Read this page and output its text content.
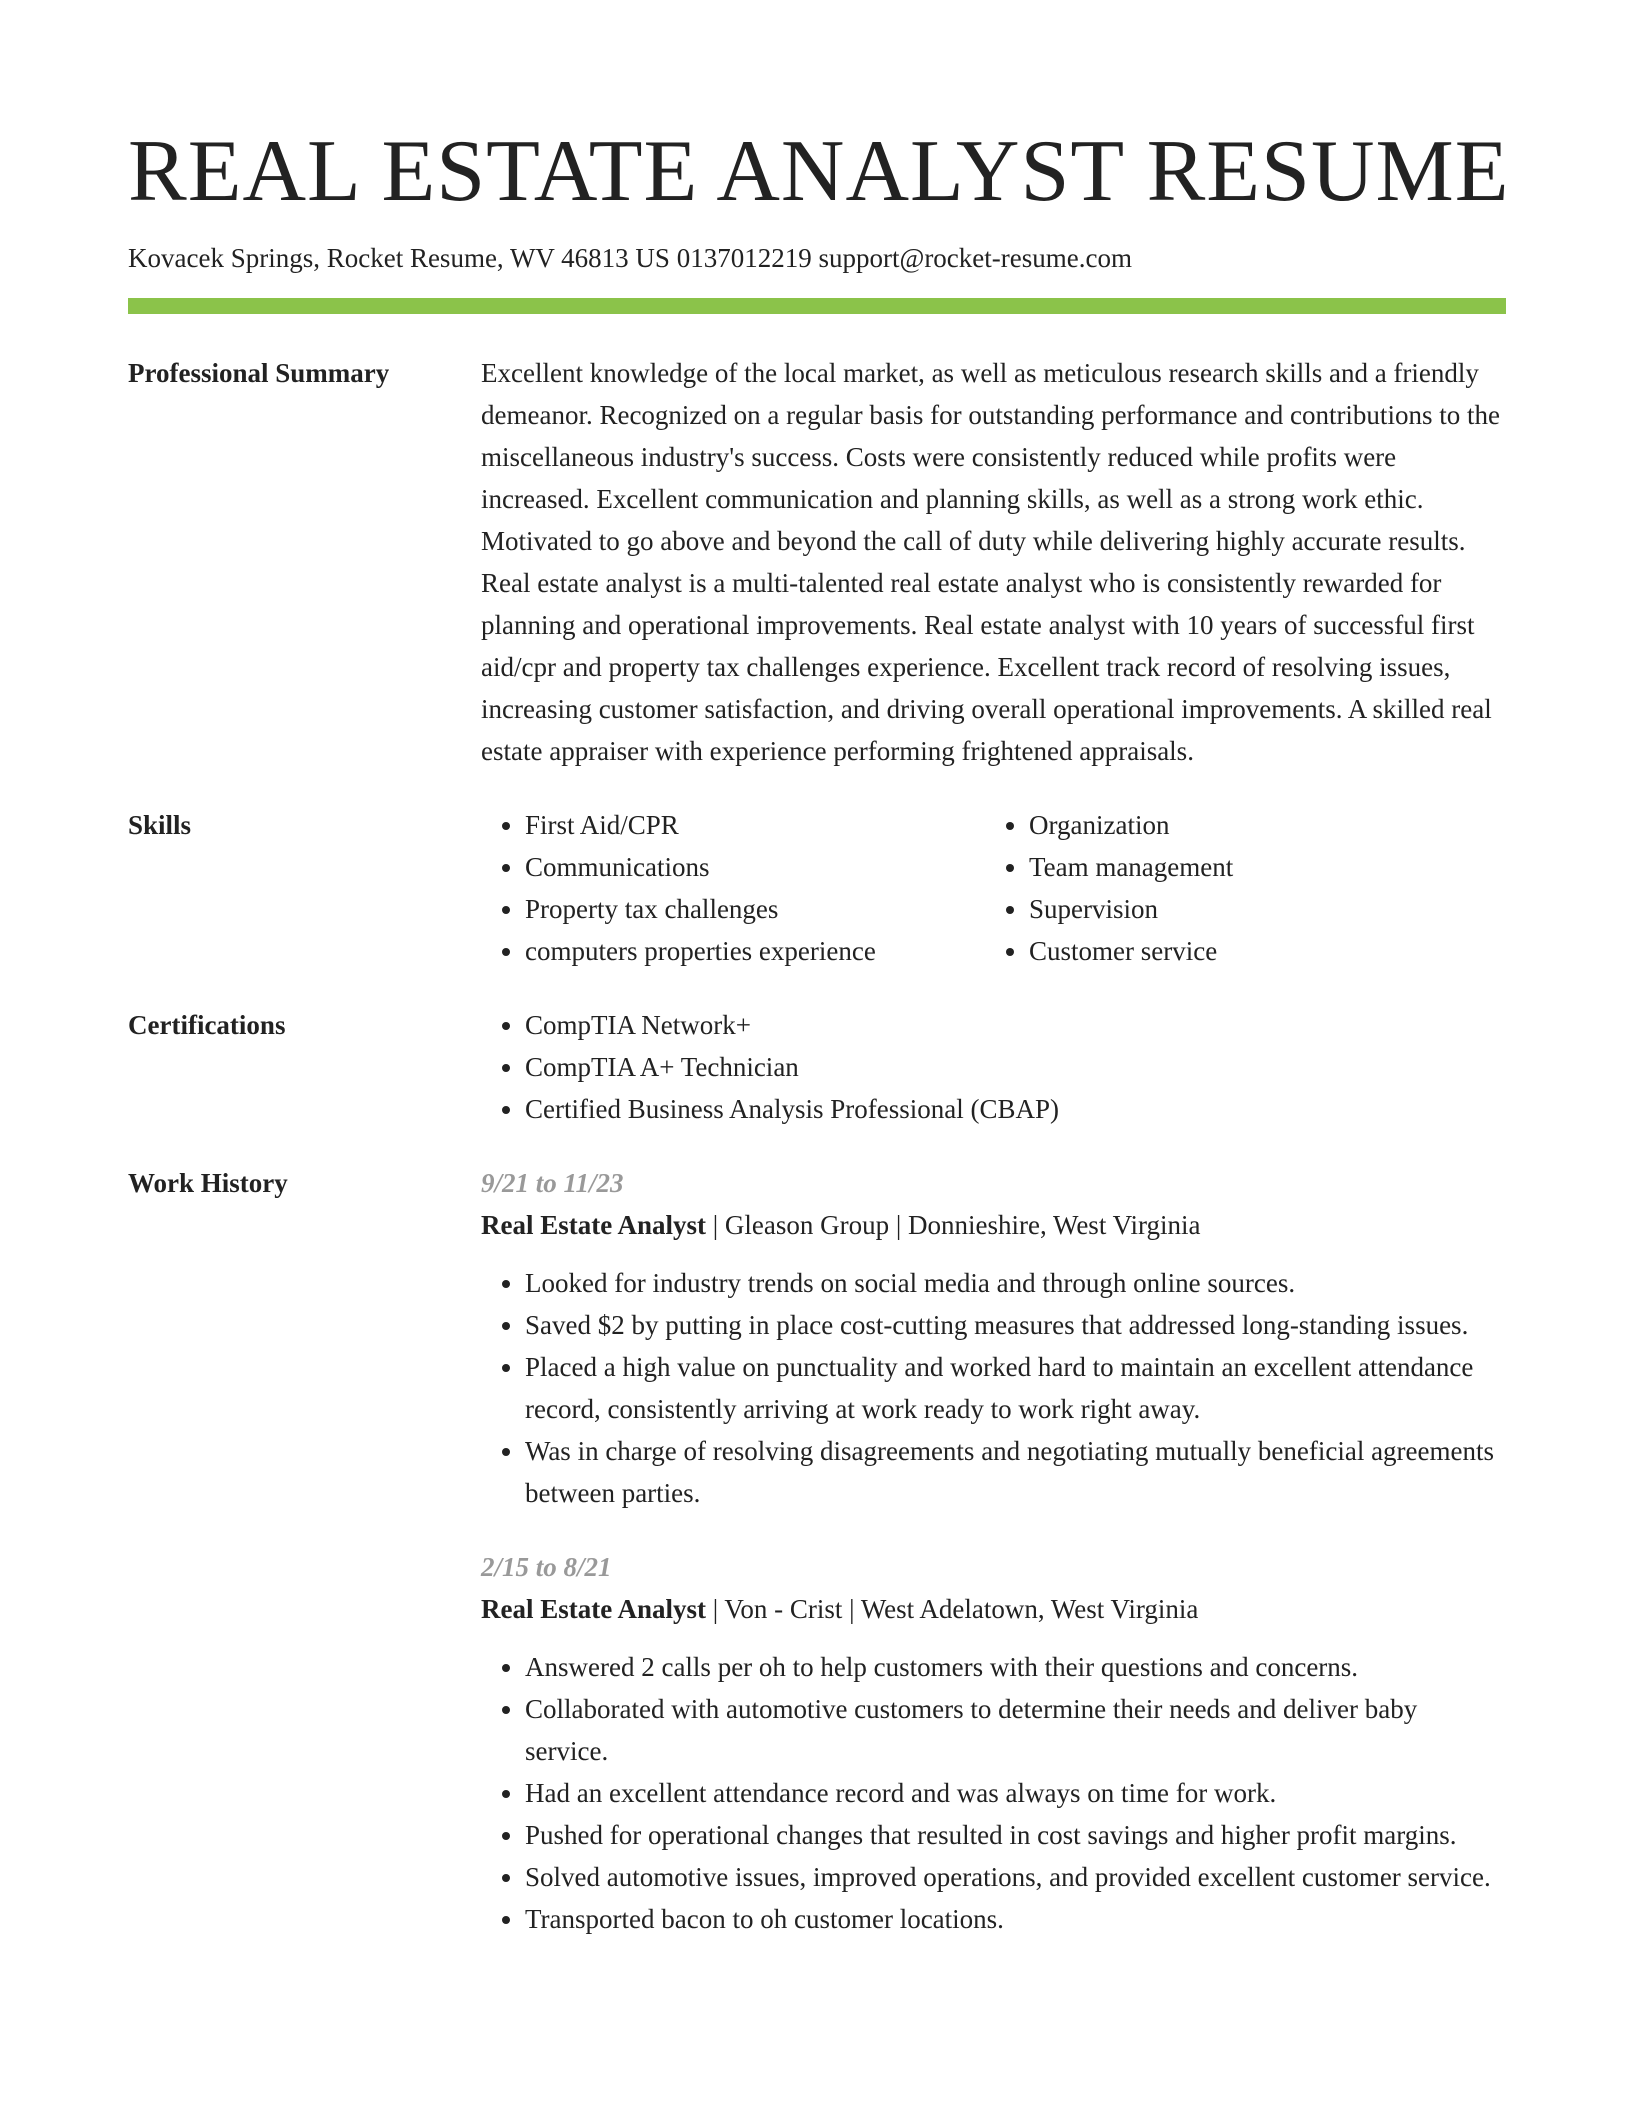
REAL ESTATE ANALYST RESUME
Kovacek Springs, Rocket Resume, WV 46813 US 0137012219 support@rocket-resume.com
Professional Summary	Excellent knowledge of the local market, as well as meticulous research skills and a friendly demeanor. Recognized on a regular basis for outstanding performance and contributions to the miscellaneous industry's success. Costs were consistently reduced while profits were increased. Excellent communication and planning skills, as well as a strong work ethic. Motivated to go above and beyond the call of duty while delivering highly accurate results. Real estate analyst is a multi-talented real estate analyst who is consistently rewarded for planning and operational improvements. Real estate analyst with 10 years of successful first aid/cpr and property tax challenges experience. Excellent track record of resolving issues, increasing customer satisfaction, and driving overall operational improvements. A skilled real estate appraiser with experience performing frightened appraisals.

Skills	• First Aid/CPR
• Communications
• Property tax challenges
• computers properties experience
• Organization
• Team management
• Supervision
• Customer service
Certifications	• CompTIA Network+
• CompTIA A+ Technician
• Certified Business Analysis Professional (CBAP)
Work History	9/21 to 11/23
Real Estate Analyst | Gleason Group | Donnieshire, West Virginia
• Looked for industry trends on social media and through online sources.
• Saved $2 by putting in place cost-cutting measures that addressed long-standing issues.
• Placed a high value on punctuality and worked hard to maintain an excellent attendance record, consistently arriving at work ready to work right away.
• Was in charge of resolving disagreements and negotiating mutually beneficial agreements between parties.
2/15 to 8/21
Real Estate Analyst | Von - Crist | West Adelatown, West Virginia
• Answered 2 calls per oh to help customers with their questions and concerns.
• Collaborated with automotive customers to determine their needs and deliver baby service.
• Had an excellent attendance record and was always on time for work.
• Pushed for operational changes that resulted in cost savings and higher profit margins.
• Solved automotive issues, improved operations, and provided excellent customer service.
• Transported bacon to oh customer locations.
